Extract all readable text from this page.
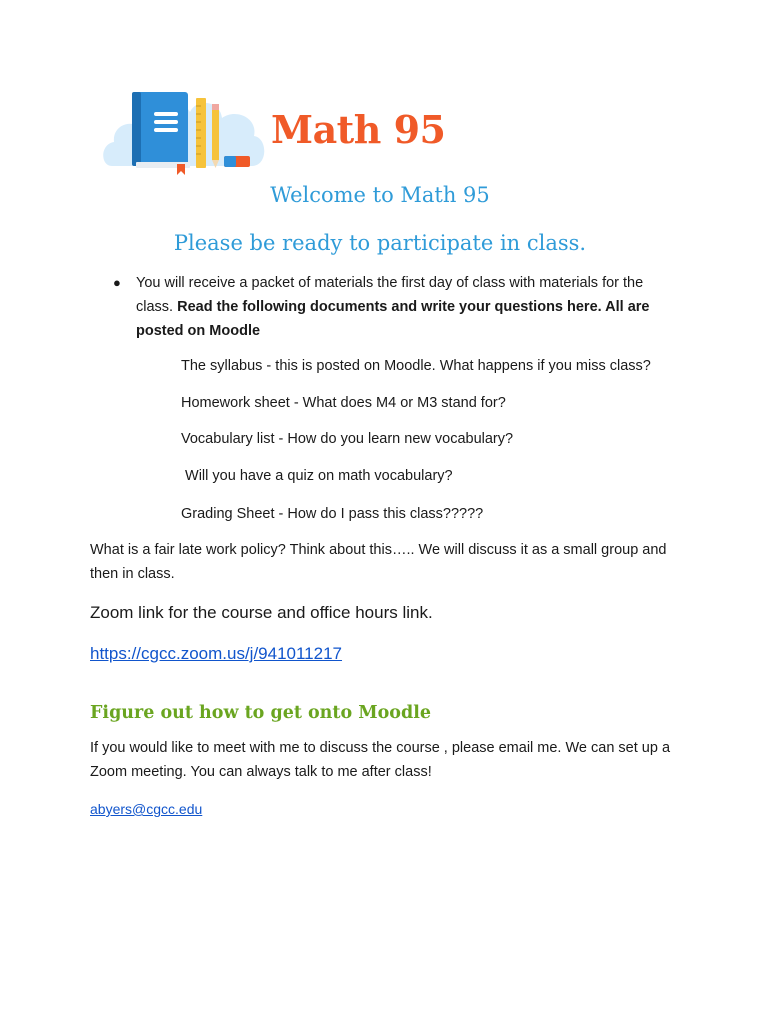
Math 95
Welcome to Math 95
Please be ready to participate in class.
● You will receive a packet of materials the first day of class with materials for the class. Read the following documents and write your questions here. All are posted on Moodle
The syllabus - this is posted on Moodle. What happens if you miss class?
Homework sheet - What does M4 or M3 stand for?
Vocabulary list - How do you learn new vocabulary?
Will you have a quiz on math vocabulary?
Grading Sheet - How do I pass this class?????
What is a fair late work policy? Think about this….. We will discuss it as a small group and then in class.
Zoom link for the course and office hours link.
https://cgcc.zoom.us/j/941011217
Figure out how to get onto Moodle
If you would like to meet with me to discuss the course , please email me. We can set up a Zoom meeting. You can always talk to me after class!
abyers@cgcc.edu
